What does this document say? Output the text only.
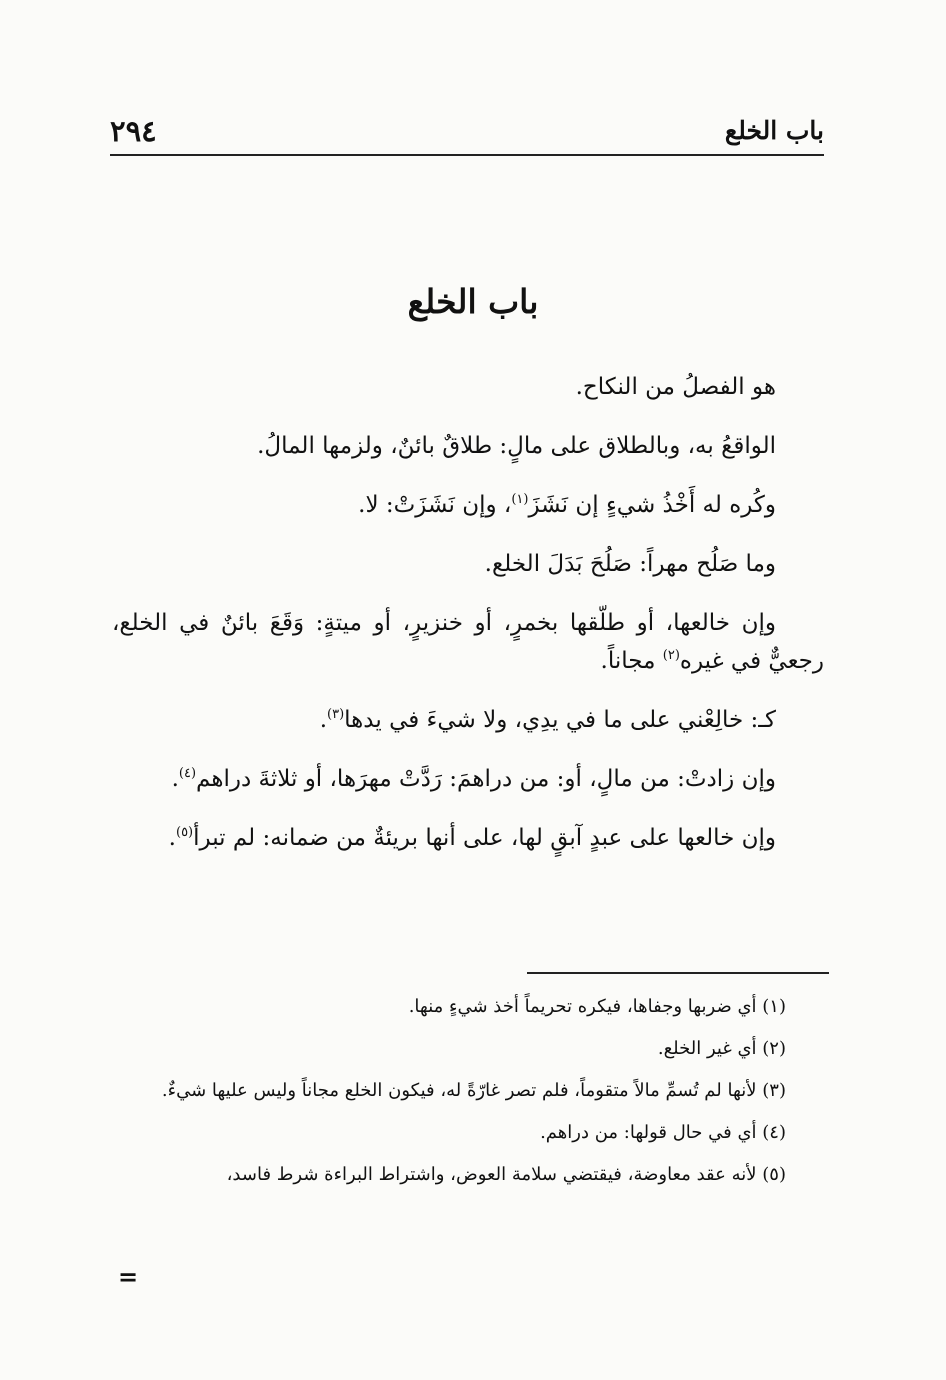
باب الخلع
٢٩٤
باب الخلع

هو الفصلُ من النكاح.

الواقعُ به، وبالطلاق على مالٍ: طلاقٌ بائنٌ، ولزمها المالُ.

وكُره له أَخْذُ شيءٍ إن نَشَزَ$^{(١)}$، وإن نَشَزَتْ: لا.

وما صَلُح مهراً: صَلُحَ بَدَلَ الخلع.

وإن خالعها، أو طلّقها بخمرٍ، أو خنزيرٍ، أو ميتةٍ: وَقَعَ بائنٌ في الخلع، رجعيٌّ في غيره$^{(٢)}$ مجاناً.

كـ: خالِعْني على ما في يدِي، ولا شيءَ في يدها$^{(٣)}$.

وإن زادتْ: من مالٍ، أو: من دراهمَ: رَدَّتْ مهرَها، أو ثلاثةَ دراهم$^{(٤)}$.

وإن خالعها على عبدٍ آبقٍ لها، على أنها بريئةٌ من ضمانه: لم تبرأ$^{(٥)}$.

(١) أي ضربها وجفاها، فيكره تحريماً أخذ شيءٍ منها.

(٢) أي غير الخلع.

(٣) لأنها لم تُسمِّ مالاً متقوماً، فلم تصر غارّةً له، فيكون الخلع مجاناً وليس عليها شيءٌ.

(٤) أي في حال قولها: من دراهم.

(٥) لأنه عقد معاوضة، فيقتضي سلامة العوض، واشتراط البراءة شرط فاسد،

=
